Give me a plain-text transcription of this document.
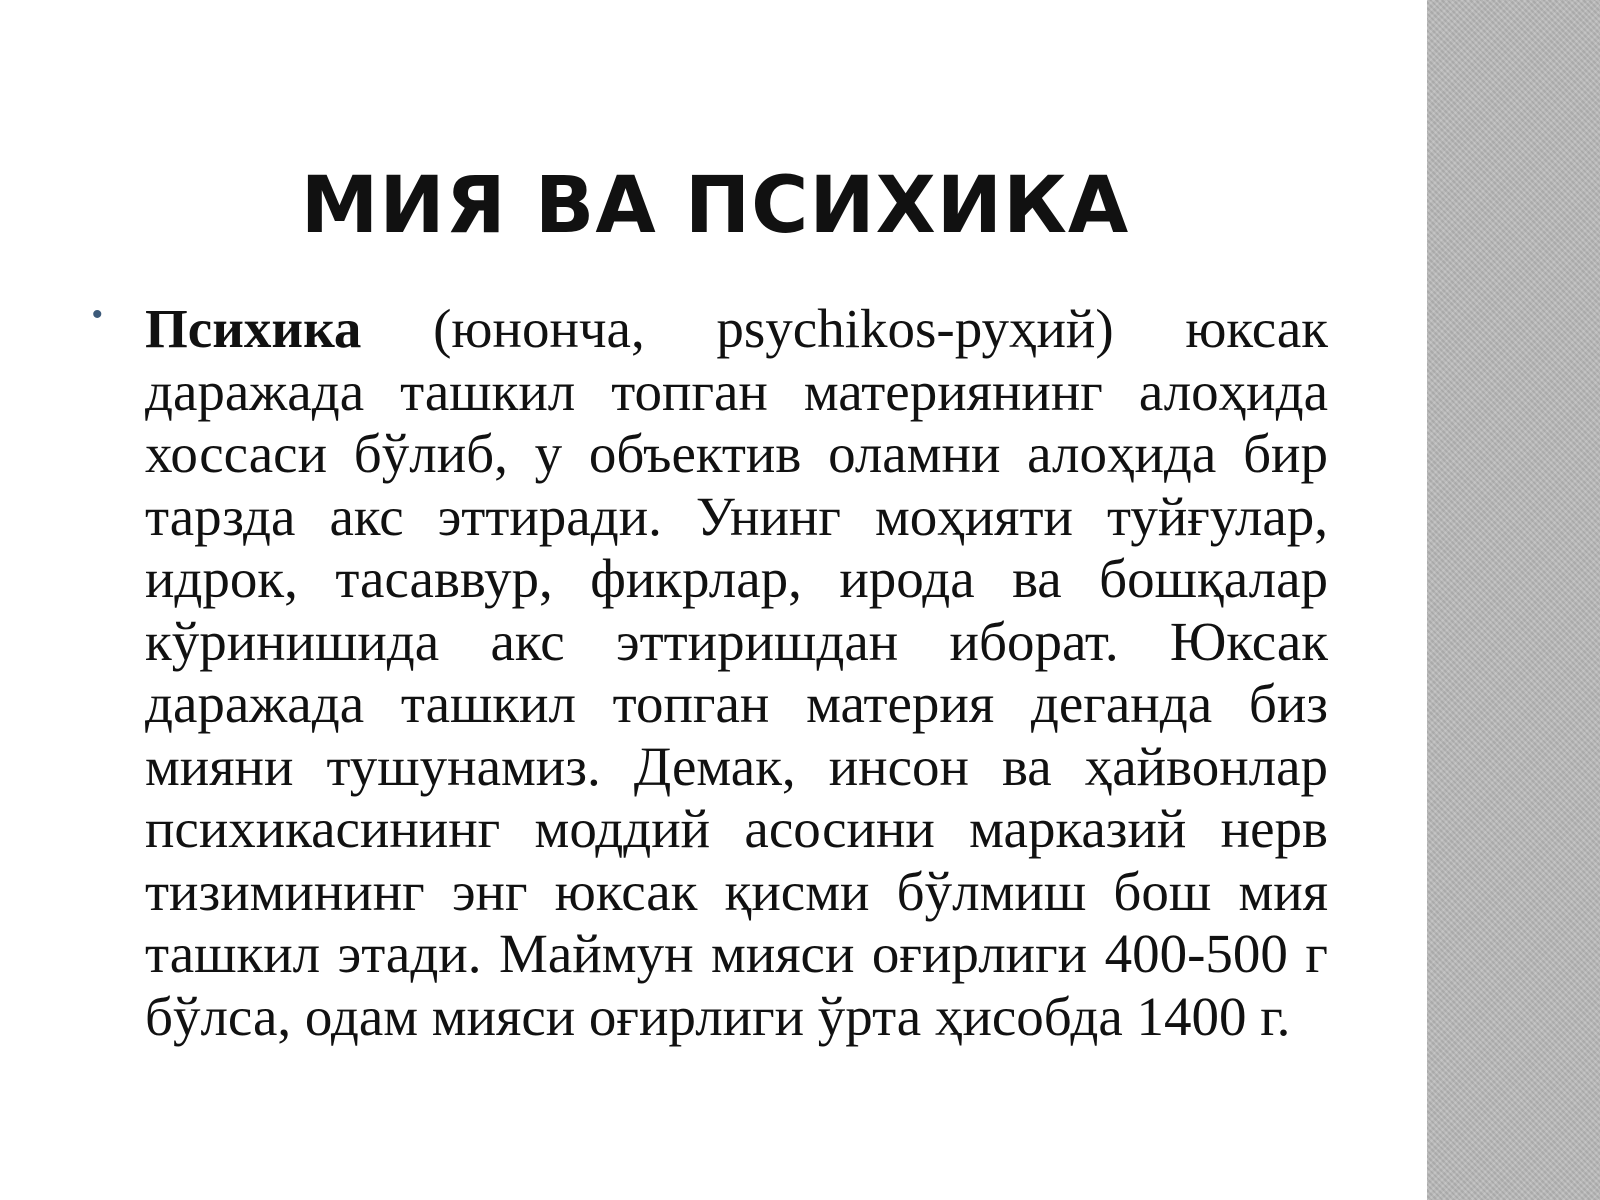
МИЯ ВА ПСИХИКА
• Психика (юнонча, psychikos-руҳий) юксак даражада ташкил топган материянинг алоҳида хоссаси бўлиб, у объектив оламни алоҳида бир тарзда акс эттиради. Унинг моҳияти туйғулар, идрок, тасаввур, фикрлар, ирода ва бошқалар кўринишида акс эттиришдан иборат. Юксак даражада ташкил топган материя деганда биз мияни тушунамиз. Демак, инсон ва ҳайвонлар психикасининг моддий асосини марказий нерв тизимининг энг юксак қисми бўлмиш бош мия ташкил этади. Маймун мияси оғирлиги 400-500 г бўлса, одам мияси оғирлиги ўрта ҳисобда 1400 г.
